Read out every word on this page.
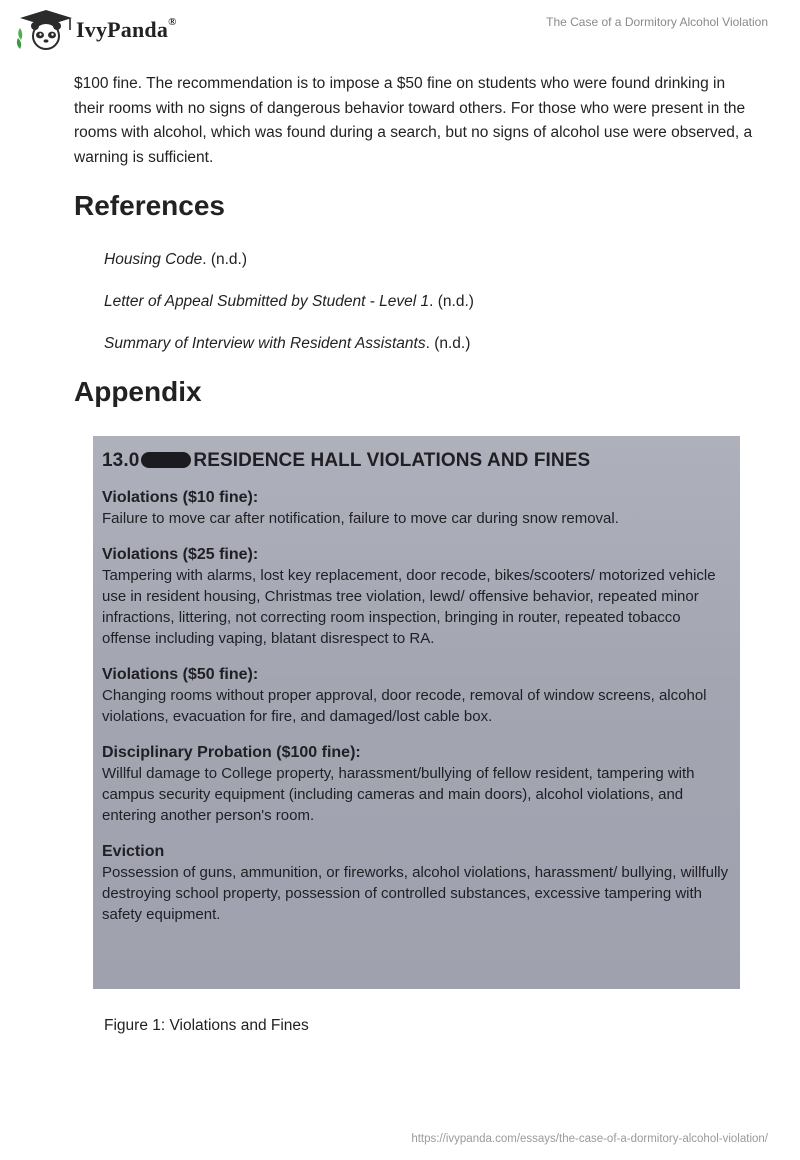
IvyPanda®	The Case of a Dormitory Alcohol Violation

$100 fine. The recommendation is to impose a $50 fine on students who were found drinking in their rooms with no signs of dangerous behavior toward others. For those who were present in the rooms with alcohol, which was found during a search, but no signs of alcohol use were observed, a warning is sufficient.

References

Housing Code. (n.d.)

Letter of Appeal Submitted by Student - Level 1. (n.d.)

Summary of Interview with Resident Assistants. (n.d.)

Appendix
13.0	RESIDENCE HALL VIOLATIONS AND FINES
Violations ($10 fine):
Failure to move car after notification, failure to move car during snow removal.
Violations ($25 fine):
Tampering with alarms, lost key replacement, door recode, bikes/scooters/ motorized vehicle use in resident housing, Christmas tree violation, lewd/ offensive behavior, repeated minor infractions, littering, not correcting room inspection, bringing in router, repeated tobacco offense including vaping, blatant disrespect to RA.
Violations ($50 fine):
Changing rooms without proper approval, door recode, removal of window screens, alcohol violations, evacuation for fire, and damaged/lost cable box.
Disciplinary Probation ($100 fine):
Willful damage to College property, harassment/bullying of fellow resident, tampering with campus security equipment (including cameras and main doors), alcohol violations, and entering another person's room.
Eviction
Possession of guns, ammunition, or fireworks, alcohol violations, harassment/ bullying, willfully destroying school property, possession of controlled substances, excessive tampering with safety equipment.
Figure 1: Violations and Fines
https://ivypanda.com/essays/the-case-of-a-dormitory-alcohol-violation/
